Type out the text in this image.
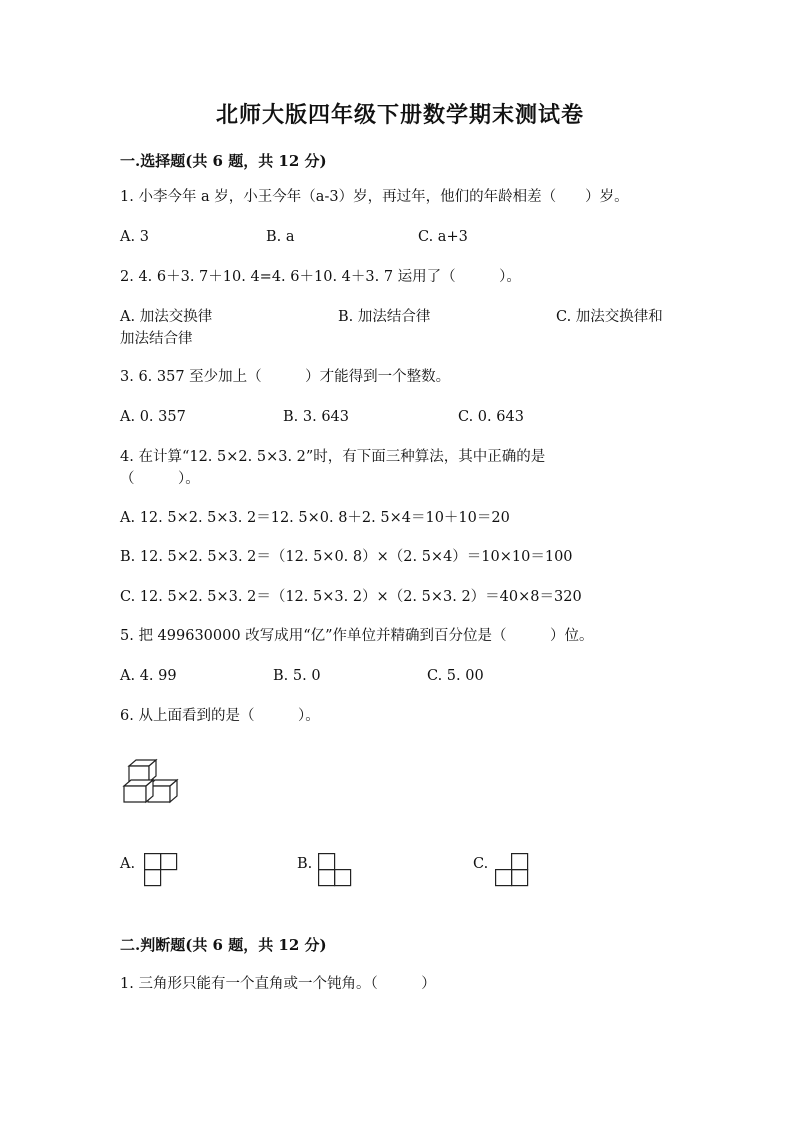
北师大版四年级下册数学期末测试卷
一.选择题(共 6 题，共 12 分)
1. 小李今年 a 岁，小王今年（a-3）岁，再过年，他们的年龄相差（　　）岁。
A. 3	B. a	C. a+3
2. 4. 6＋3. 7＋10. 4=4. 6＋10. 4＋3. 7 运用了（　　　）。
A. 加法交换律	B. 加法结合律	C. 加法交换律和
加法结合律
3. 6. 357 至少加上（　　　）才能得到一个整数。
A. 0. 357	B. 3. 643	C. 0. 643
4. 在计算“12. 5×2. 5×3. 2”时，有下面三种算法，其中正确的是
（　　　）。
A. 12. 5×2. 5×3. 2＝12. 5×0. 8＋2. 5×4＝10＋10＝20
B. 12. 5×2. 5×3. 2＝（12. 5×0. 8）×（2. 5×4）＝10×10＝100
C. 12. 5×2. 5×3. 2＝（12. 5×3. 2）×（2. 5×3. 2）＝40×8＝320
5. 把 499630000 改写成用“亿”作单位并精确到百分位是（　　　）位。
A. 4. 99	B. 5. 0	C. 5. 00
6. 从上面看到的是（　　　）。
A.	B.	C.
二.判断题(共 6 题，共 12 分)
1. 三角形只能有一个直角或一个钝角。（　　　）
